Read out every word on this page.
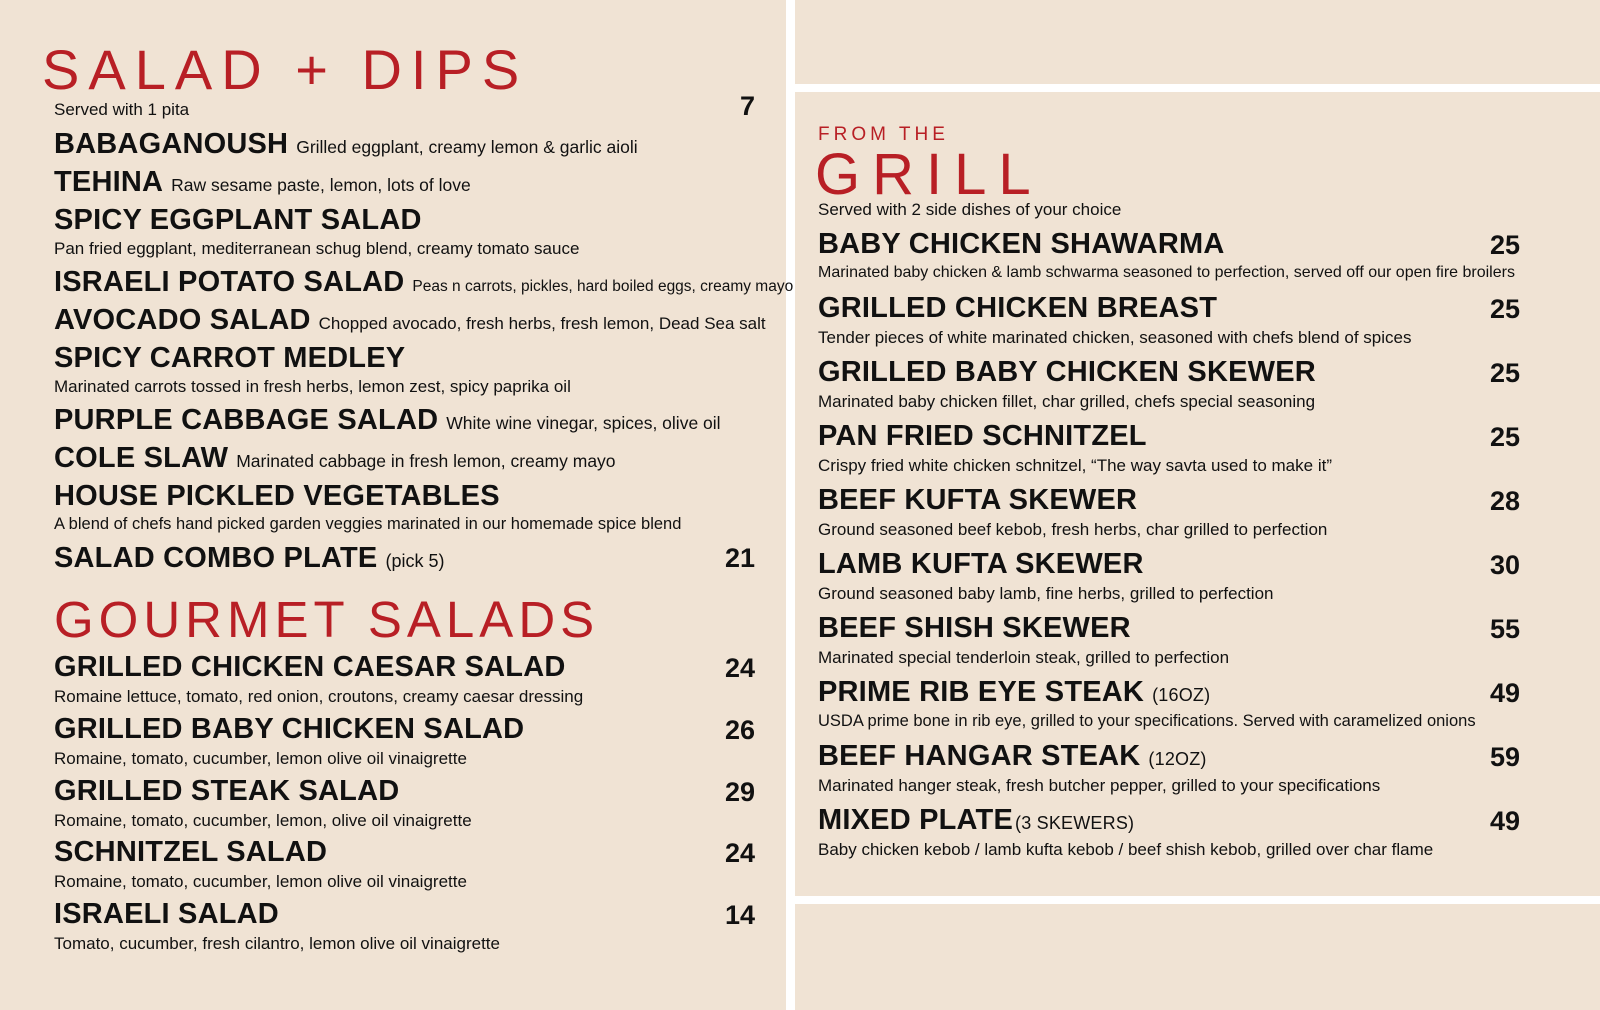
SALAD + DIPS
Served with 1 pita	7
BABAGANOUSH Grilled eggplant, creamy lemon & garlic aioli
TEHINA Raw sesame paste, lemon, lots of love
SPICY EGGPLANT SALAD
Pan fried eggplant, mediterranean schug blend, creamy tomato sauce
ISRAELI POTATO SALAD Peas n carrots, pickles, hard boiled eggs, creamy mayo
AVOCADO SALAD Chopped avocado, fresh herbs, fresh lemon, Dead Sea salt
SPICY CARROT MEDLEY
Marinated carrots tossed in fresh herbs, lemon zest, spicy paprika oil
PURPLE CABBAGE SALAD White wine vinegar, spices, olive oil
COLE SLAW Marinated cabbage in fresh lemon, creamy mayo
HOUSE PICKLED VEGETABLES
A blend of chefs hand picked garden veggies marinated in our homemade spice blend
SALAD COMBO PLATE (pick 5)	21
GOURMET SALADS
GRILLED CHICKEN CAESAR SALAD
Romaine lettuce, tomato, red onion, croutons, creamy caesar dressing
24
GRILLED BABY CHICKEN SALAD
Romaine, tomato, cucumber, lemon olive oil vinaigrette
26
GRILLED STEAK SALAD
Romaine, tomato, cucumber, lemon, olive oil vinaigrette
29
SCHNITZEL SALAD
Romaine, tomato, cucumber, lemon olive oil vinaigrette
24
ISRAELI SALAD
Tomato, cucumber, fresh cilantro, lemon olive oil vinaigrette
14
FROM THE
GRILL
Served with 2 side dishes of your choice
BABY CHICKEN SHAWARMA
Marinated baby chicken & lamb schwarma seasoned to perfection, served off our open fire broilers
25
GRILLED CHICKEN BREAST
Tender pieces of white marinated chicken, seasoned with chefs blend of spices
25
GRILLED BABY CHICKEN SKEWER
Marinated baby chicken fillet, char grilled, chefs special seasoning
25
PAN FRIED SCHNITZEL
Crispy fried white chicken schnitzel, “The way savta used to make it”
25
BEEF KUFTA SKEWER
Ground seasoned beef kebob, fresh herbs, char grilled to perfection
28
LAMB KUFTA SKEWER
Ground seasoned baby lamb, fine herbs, grilled to perfection
30
BEEF SHISH SKEWER
Marinated special tenderloin steak, grilled to perfection
55
PRIME RIB EYE STEAK (16OZ)
USDA prime bone in rib eye, grilled to your specifications. Served with caramelized onions
49
BEEF HANGAR STEAK (12OZ)
Marinated hanger steak, fresh butcher pepper, grilled to your specifications
59
MIXED PLATE (3 SKEWERS)
Baby chicken kebob / lamb kufta kebob / beef shish kebob, grilled over char flame
49
